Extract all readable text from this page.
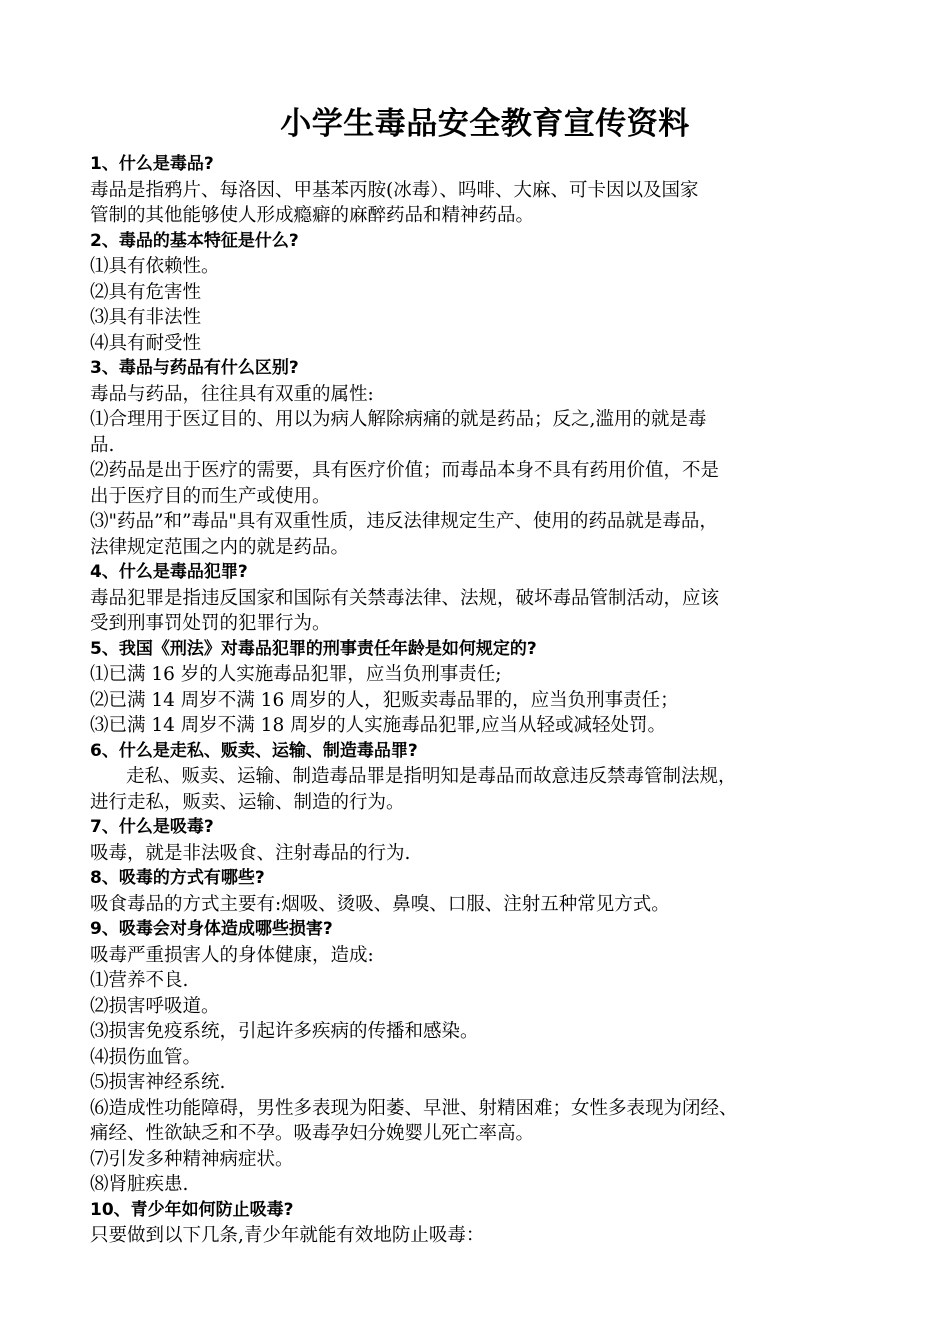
小学生毒品安全教育宣传资料
1、什么是毒品?
毒品是指鸦片、每洛因、甲基苯丙胺(冰毒）、吗啡、大麻、可卡因以及国家
管制的其他能够使人形成瘾癖的麻醉药品和精神药品。
2、毒品的基本特征是什么?
⑴具有依赖性。
⑵具有危害性
⑶具有非法性
⑷具有耐受性
3、毒品与药品有什么区别?
毒品与药品，往往具有双重的属性:
⑴合理用于医辽目的、用以为病人解除病痛的就是药品；反之,滥用的就是毒
品.
⑵药品是出于医疗的需要，具有医疗价值；而毒品本身不具有药用价值，不是
出于医疗目的而生产或使用。
⑶"药品”和”毒品"具有双重性质，违反法律规定生产、使用的药品就是毒品，
法律规定范围之内的就是药品。
4、什么是毒品犯罪?
毒品犯罪是指违反国家和国际有关禁毒法律、法规，破坏毒品管制活动，应该
受到刑事罚处罚的犯罪行为。
5、我国《刑法》对毒品犯罪的刑事责任年龄是如何规定的?
⑴已满 16 岁的人实施毒品犯罪，应当负刑事责任;
⑵已满 14 周岁不满 16 周岁的人，犯贩卖毒品罪的，应当负刑事责任；
⑶已满 14 周岁不满 18 周岁的人实施毒品犯罪,应当从轻或减轻处罚。
6、什么是走私、贩卖、运输、制造毒品罪?
走私、贩卖、运输、制造毒品罪是指明知是毒品而故意违反禁毒管制法规，
进行走私，贩卖、运输、制造的行为。
7、什么是吸毒?
吸毒，就是非法吸食、注射毒品的行为.
8、吸毒的方式有哪些?
吸食毒品的方式主要有:烟吸、烫吸、鼻嗅、口服、注射五种常见方式。
9、吸毒会对身体造成哪些损害?
吸毒严重损害人的身体健康，造成:
⑴营养不良.
⑵损害呼吸道。
⑶损害免疫系统，引起许多疾病的传播和感染。
⑷损伤血管。
⑸损害神经系统.
⑹造成性功能障碍，男性多表现为阳萎、早泄、射精困难；女性多表现为闭经、
痛经、性欲缺乏和不孕。吸毒孕妇分娩婴儿死亡率高。
⑺引发多种精神病症状。
⑻肾脏疾患.
10、青少年如何防止吸毒?
只要做到以下几条,青少年就能有效地防止吸毒：
